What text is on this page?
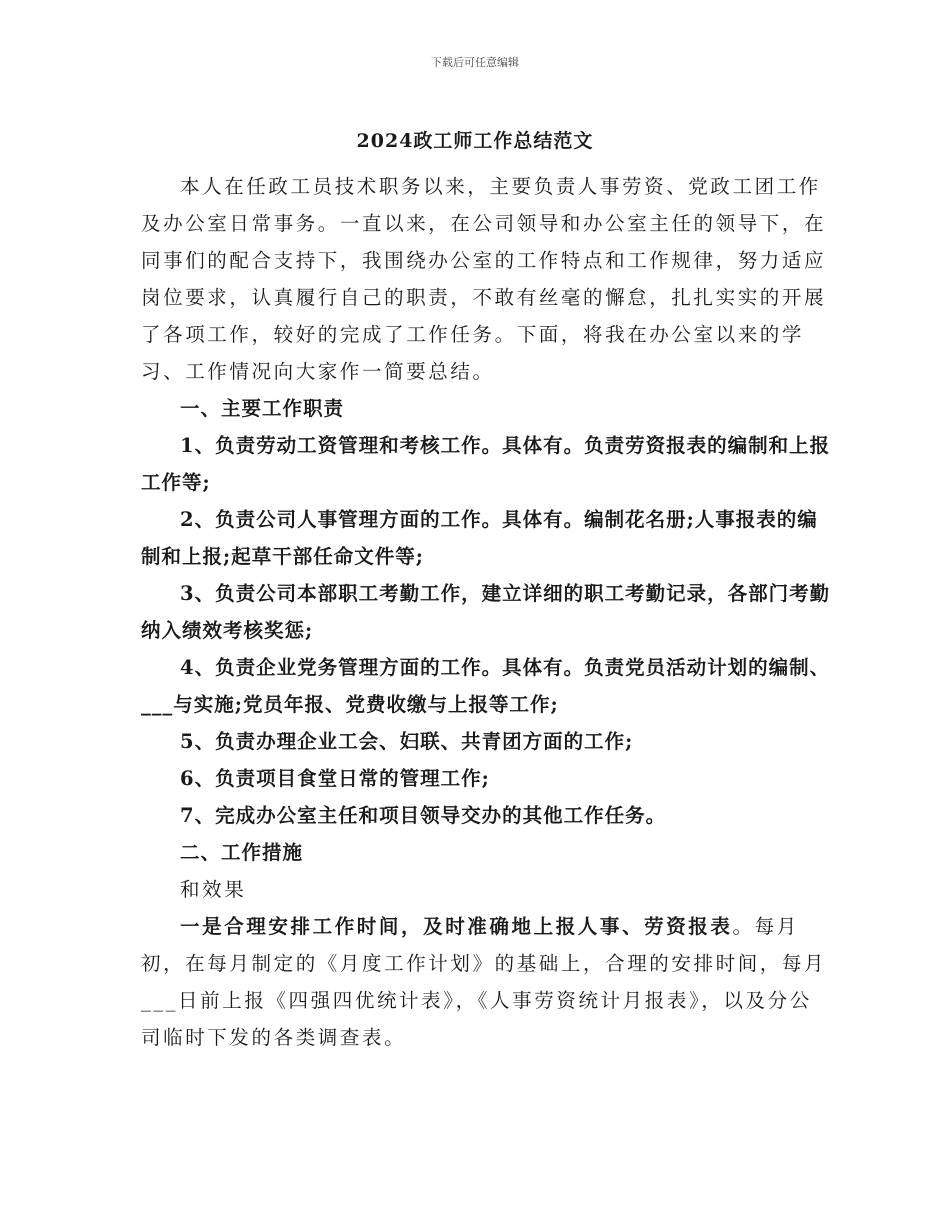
下载后可任意编辑
2024政工师工作总结范文

本人在任政工员技术职务以来，主要负责人事劳资、党政工团工作及办公室日常事务。一直以来，在公司领导和办公室主任的领导下，在同事们的配合支持下，我围绕办公室的工作特点和工作规律，努力适应岗位要求，认真履行自己的职责，不敢有丝毫的懈怠，扎扎实实的开展了各项工作，较好的完成了工作任务。下面，将我在办公室以来的学习、工作情况向大家作一简要总结。

一、主要工作职责

1、负责劳动工资管理和考核工作。具体有。负责劳资报表的编制和上报工作等;

2、负责公司人事管理方面的工作。具体有。编制花名册;人事报表的编制和上报;起草干部任命文件等;

3、负责公司本部职工考勤工作，建立详细的职工考勤记录，各部门考勤纳入绩效考核奖惩;

4、负责企业党务管理方面的工作。具体有。负责党员活动计划的编制、___与实施;党员年报、党费收缴与上报等工作;

5、负责办理企业工会、妇联、共青团方面的工作;

6、负责项目食堂日常的管理工作;

7、完成办公室主任和项目领导交办的其他工作任务。

二、工作措施

和效果

一是合理安排工作时间，及时准确地上报人事、劳资报表。每月初，在每月制定的《月度工作计划》的基础上，合理的安排时间，每月___日前上报《四强四优统计表》，《人事劳资统计月报表》，以及分公司临时下发的各类调查表。
